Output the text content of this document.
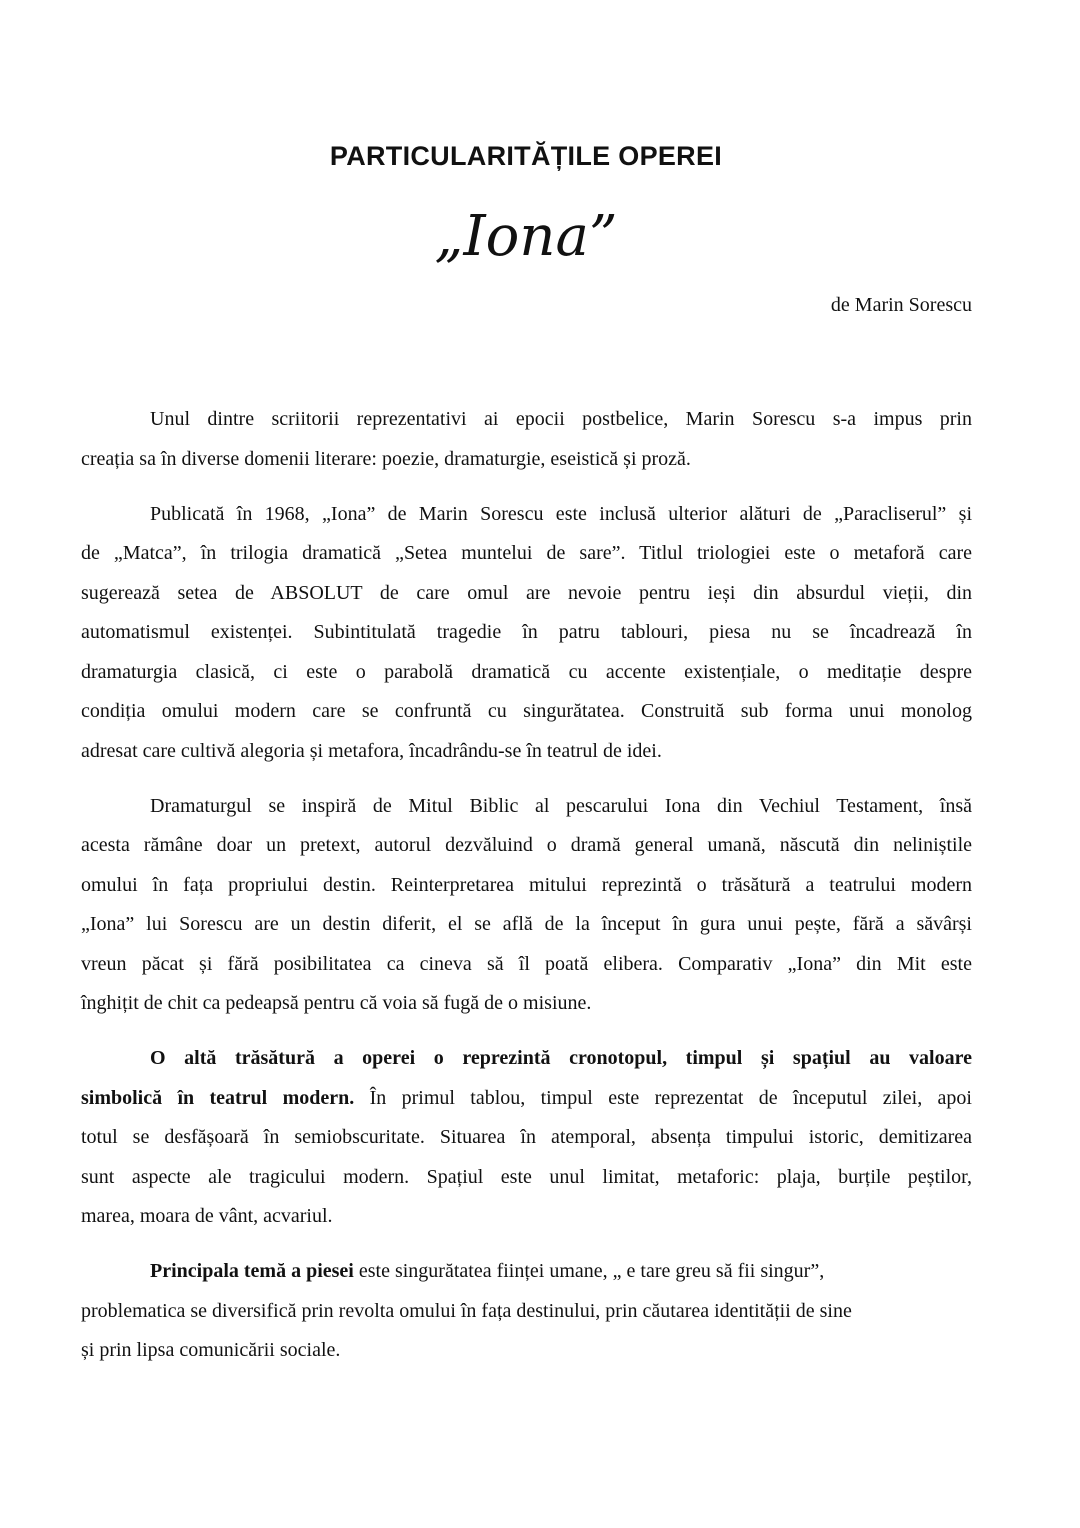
PARTICULARITĂȚILE OPEREI
„Iona”
de Marin Sorescu
Unul dintre scriitorii reprezentativi ai epocii postbelice, Marin Sorescu s-a impus prin
creația sa în diverse domenii literare: poezie, dramaturgie, eseistică și proză.
Publicată în 1968, „Iona” de Marin Sorescu este inclusă ulterior alături de „Paracliserul” și
de „Matca”, în trilogia dramatică „Setea muntelui de sare”. Titlul triologiei este o metaforă care
sugerează setea de ABSOLUT de care omul are nevoie pentru ieși din absurdul vieții, din
automatismul existenței. Subintitulată tragedie în patru tablouri, piesa nu se încadrează în
dramaturgia clasică, ci este o parabolă dramatică cu accente existențiale, o meditație despre
condiția omului modern care se confruntă cu singurătatea. Construită sub forma unui monolog
adresat care cultivă alegoria și metafora, încadrându-se în teatrul de idei.
Dramaturgul se inspiră de Mitul Biblic al pescarului Iona din Vechiul Testament, însă
acesta rămâne doar un pretext, autorul dezvăluind o dramă general umană, născută din neliniștile
omului în fața propriului destin. Reinterpretarea mitului reprezintă o trăsătură a teatrului modern
„Iona” lui Sorescu are un destin diferit, el se află de la început în gura unui pește, fără a săvârși
vreun păcat și fără posibilitatea ca cineva să îl poată elibera. Comparativ „Iona” din Mit este
înghițit de chit ca pedeapsă pentru că voia să fugă de o misiune.
O altă trăsătură a operei o reprezintă cronotopul, timpul și spațiul au valoare
simbolică în teatrul modern. În primul tablou, timpul este reprezentat de începutul zilei, apoi
totul se desfășoară în semiobscuritate. Situarea în atemporal, absența timpului istoric, demitizarea
sunt aspecte ale tragicului modern. Spațiul este unul limitat, metaforic: plaja, burțile peștilor,
marea, moara de vânt, acvariul.
Principala temă a piesei este singurătatea ființei umane, „ e tare greu să fii singur”,
problematica se diversifică prin revolta omului în fața destinului, prin căutarea identității de sine
și prin lipsa comunicării sociale.
